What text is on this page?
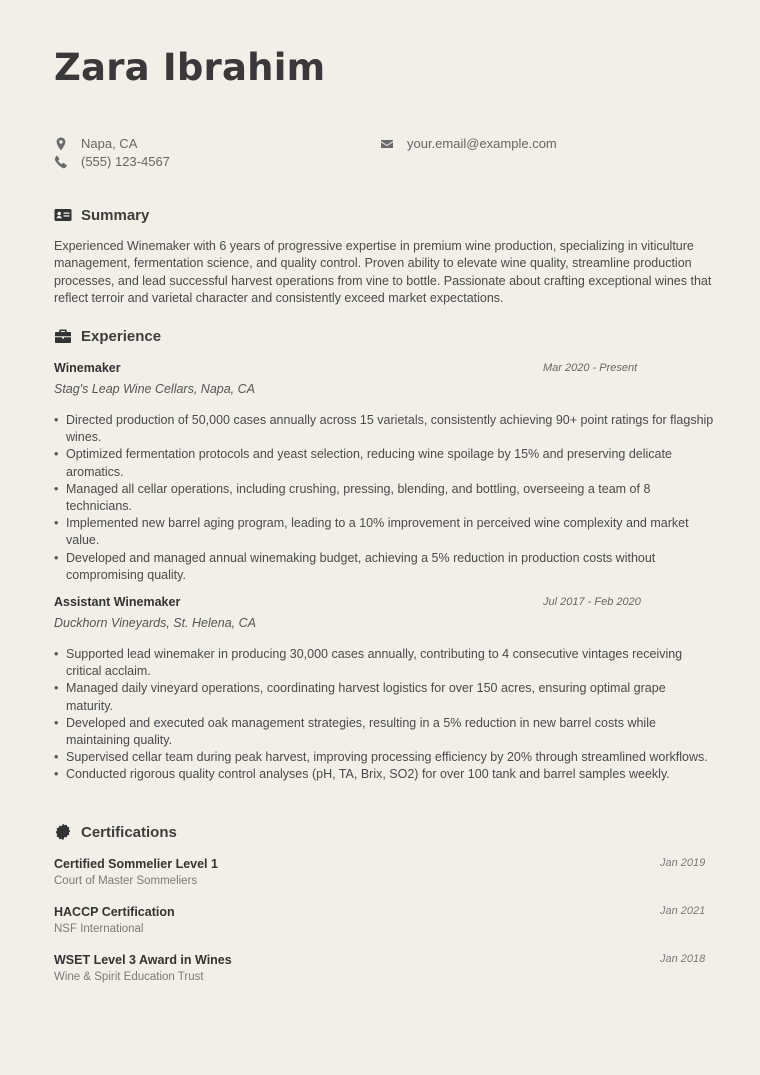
Zara Ibrahim
Napa, CA
(555) 123-4567
your.email@example.com
Summary
Experienced Winemaker with 6 years of progressive expertise in premium wine production, specializing in viticulture management, fermentation science, and quality control. Proven ability to elevate wine quality, streamline production processes, and lead successful harvest operations from vine to bottle. Passionate about crafting exceptional wines that reflect terroir and varietal character and consistently exceed market expectations.
Experience
Winemaker	Mar 2020 - Present
Stag's Leap Wine Cellars, Napa, CA
• Directed production of 50,000 cases annually across 15 varietals, consistently achieving 90+ point ratings for flagship wines.
• Optimized fermentation protocols and yeast selection, reducing wine spoilage by 15% and preserving delicate aromatics.
• Managed all cellar operations, including crushing, pressing, blending, and bottling, overseeing a team of 8 technicians.
• Implemented new barrel aging program, leading to a 10% improvement in perceived wine complexity and market value.
• Developed and managed annual winemaking budget, achieving a 5% reduction in production costs without compromising quality.
Assistant Winemaker	Jul 2017 - Feb 2020
Duckhorn Vineyards, St. Helena, CA
• Supported lead winemaker in producing 30,000 cases annually, contributing to 4 consecutive vintages receiving critical acclaim.
• Managed daily vineyard operations, coordinating harvest logistics for over 150 acres, ensuring optimal grape maturity.
• Developed and executed oak management strategies, resulting in a 5% reduction in new barrel costs while maintaining quality.
• Supervised cellar team during peak harvest, improving processing efficiency by 20% through streamlined workflows.
• Conducted rigorous quality control analyses (pH, TA, Brix, SO2) for over 100 tank and barrel samples weekly.
Certifications
Certified Sommelier Level 1
Court of Master Sommeliers
Jan 2019
HACCP Certification
NSF International
Jan 2021
WSET Level 3 Award in Wines
Wine & Spirit Education Trust
Jan 2018
